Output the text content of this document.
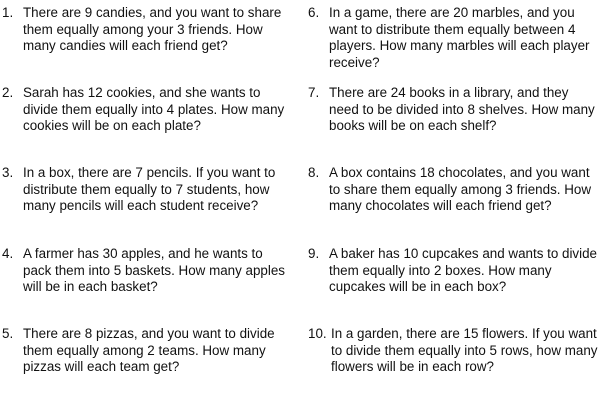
1. There are 9 candies, and you want to share them equally among your 3 friends. How many candies will each friend get?
2. Sarah has 12 cookies, and she wants to divide them equally into 4 plates. How many cookies will be on each plate?
3. In a box, there are 7 pencils. If you want to distribute them equally to 7 students, how many pencils will each student receive?
4. A farmer has 30 apples, and he wants to pack them into 5 baskets. How many apples will be in each basket?
5. There are 8 pizzas, and you want to divide them equally among 2 teams. How many pizzas will each team get?
6. In a game, there are 20 marbles, and you want to distribute them equally between 4 players. How many marbles will each player receive?
7. There are 24 books in a library, and they need to be divided into 8 shelves. How many books will be on each shelf?
8. A box contains 18 chocolates, and you want to share them equally among 3 friends. How many chocolates will each friend get?
9. A baker has 10 cupcakes and wants to divide them equally into 2 boxes. How many cupcakes will be in each box?
10. In a garden, there are 15 flowers. If you want to divide them equally into 5 rows, how many flowers will be in each row?
